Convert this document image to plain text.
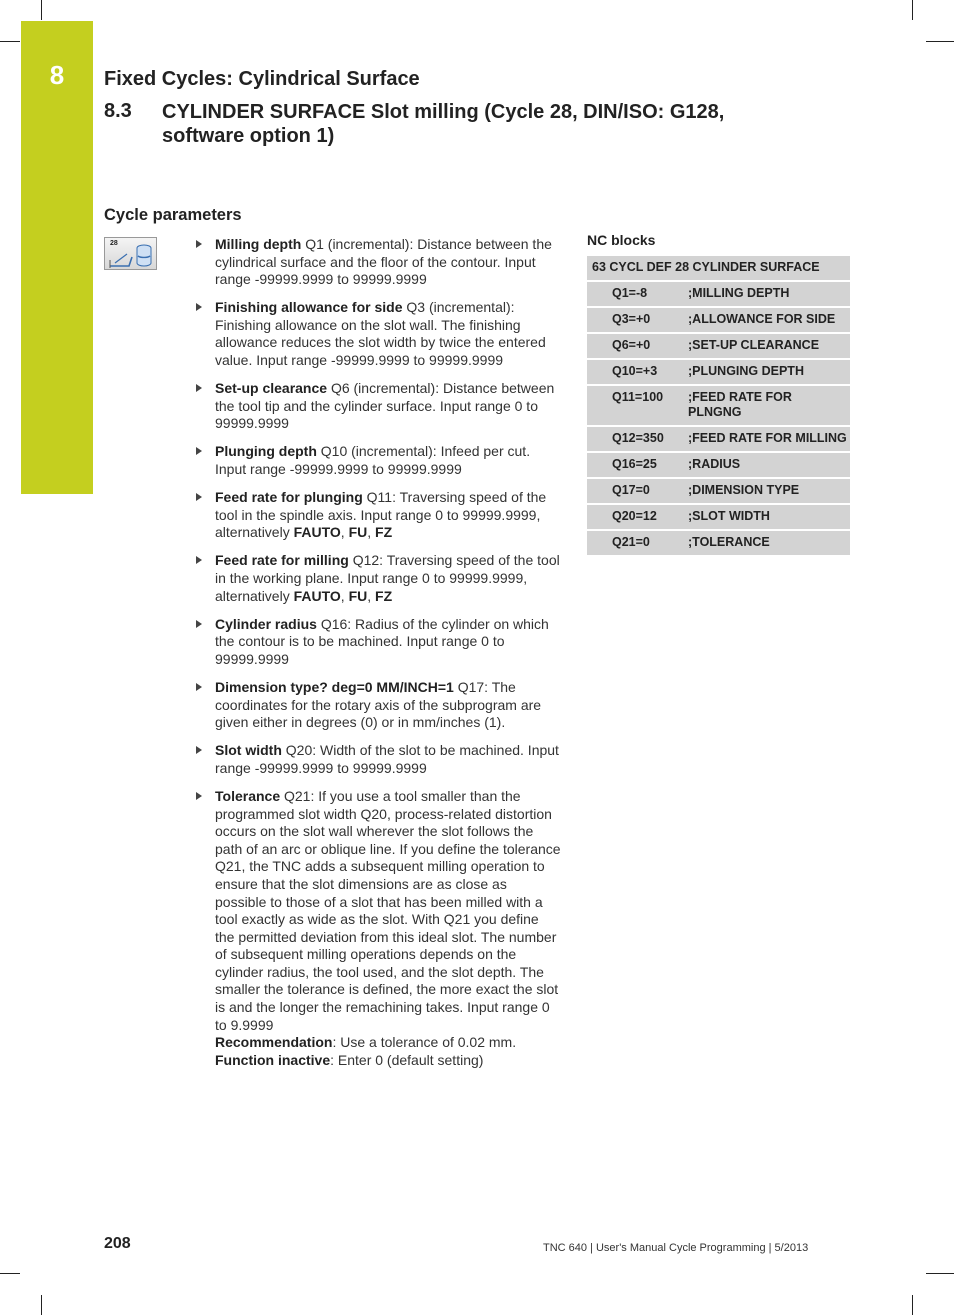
8	Fixed Cycles: Cylindrical Surface
8.3 CYLINDER SURFACE Slot milling (Cycle 28, DIN/ISO: G128, software option 1)
Cycle parameters
28	Milling depth Q1 (incremental): Distance between the cylindrical surface and the floor of the contour. Input range -99999.9999 to 99999.9999
Finishing allowance for side Q3 (incremental): Finishing allowance on the slot wall. The finishing allowance reduces the slot width by twice the entered value. Input range -99999.9999 to 99999.9999
Set-up clearance Q6 (incremental): Distance between the tool tip and the cylinder surface. Input range 0 to 99999.9999
Plunging depth Q10 (incremental): Infeed per cut. Input range -99999.9999 to 99999.9999
Feed rate for plunging Q11: Traversing speed of the tool in the spindle axis. Input range 0 to 99999.9999, alternatively FAUTO, FU, FZ
Feed rate for milling Q12: Traversing speed of the tool in the working plane. Input range 0 to 99999.9999, alternatively FAUTO, FU, FZ
Cylinder radius Q16: Radius of the cylinder on which the contour is to be machined. Input range 0 to 99999.9999
Dimension type? deg=0 MM/INCH=1 Q17: The coordinates for the rotary axis of the subprogram are given either in degrees (0) or in mm/inches (1).
Slot width Q20: Width of the slot to be machined. Input range -99999.9999 to 99999.9999
Tolerance Q21: If you use a tool smaller than the programmed slot width Q20, process-related distortion occurs on the slot wall wherever the slot follows the path of an arc or oblique line. If you define the tolerance Q21, the TNC adds a subsequent milling operation to ensure that the slot dimensions are as close as possible to those of a slot that has been milled with a tool exactly as wide as the slot. With Q21 you define the permitted deviation from this ideal slot. The number of subsequent milling operations depends on the cylinder radius, the tool used, and the slot depth. The smaller the tolerance is defined, the more exact the slot is and the longer the remachining takes. Input range 0 to 9.9999
Recommendation: Use a tolerance of 0.02 mm.
Function inactive: Enter 0 (default setting)
NC blocks
63 CYCL DEF 28 CYLINDER SURFACE	
Q1=-8	;MILLING DEPTH
Q3=+0	;ALLOWANCE FOR SIDE
Q6=+0	;SET-UP CLEARANCE
Q10=+3	;PLUNGING DEPTH
Q11=100	;FEED RATE FOR PLNGNG
Q12=350	;FEED RATE FOR MILLING
Q16=25	;RADIUS
Q17=0	;DIMENSION TYPE
Q20=12	;SLOT WIDTH
Q21=0	;TOLERANCE
208	TNC 640 | User's Manual Cycle Programming | 5/2013
